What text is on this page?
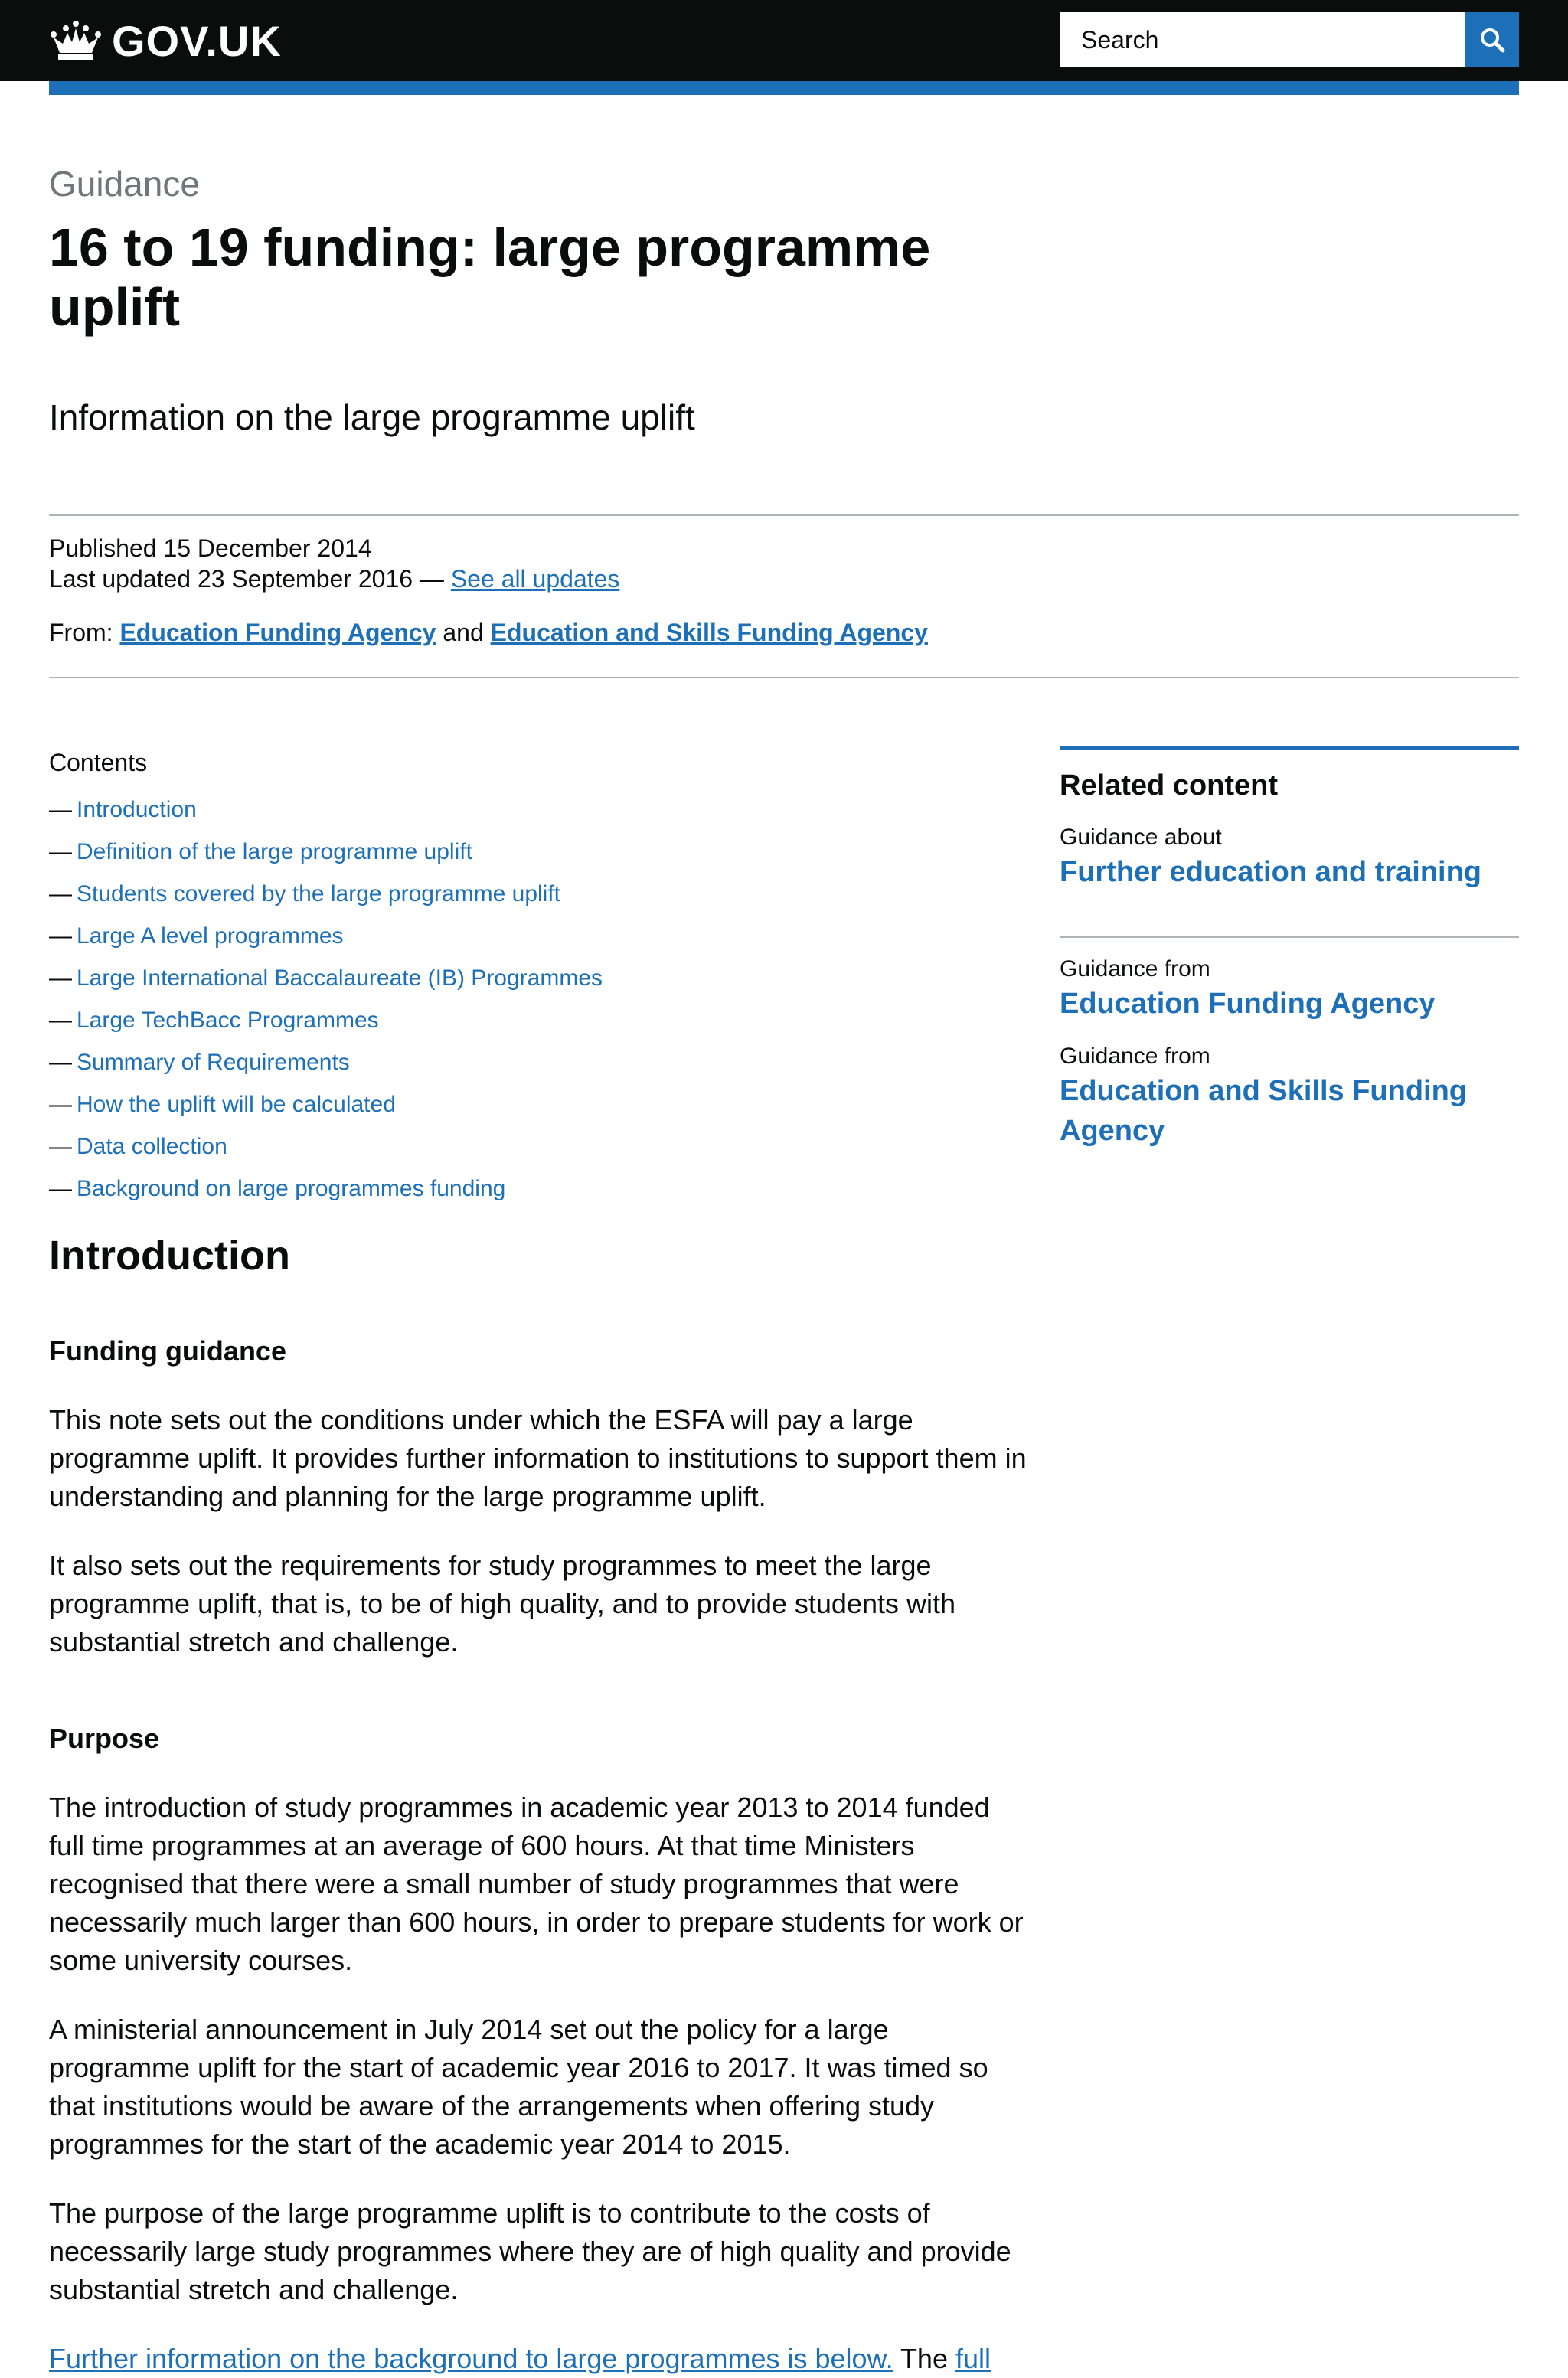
GOV.UK
Search
Guidance
16 to 19 funding: large programme uplift

Information on the large programme uplift

Published 15 December 2014
Last updated 23 September 2016 — See all updates
From: Education Funding Agency and Education and Skills Funding Agency
Contents
— Introduction
— Definition of the large programme uplift
— Students covered by the large programme uplift
— Large A level programmes
— Large International Baccalaureate (IB) Programmes
— Large TechBacc Programmes
— Summary of Requirements
— How the uplift will be calculated
— Data collection
— Background on large programmes funding
Related content
Guidance about
Further education and training
Guidance from
Education Funding Agency
Guidance from
Education and Skills Funding Agency
Introduction
Funding guidance

This note sets out the conditions under which the ESFA will pay a large programme uplift. It provides further information to institutions to support them in understanding and planning for the large programme uplift.

It also sets out the requirements for study programmes to meet the large programme uplift, that is, to be of high quality, and to provide students with substantial stretch and challenge.

Purpose

The introduction of study programmes in academic year 2013 to 2014 funded full time programmes at an average of 600 hours. At that time Ministers recognised that there were a small number of study programmes that were necessarily much larger than 600 hours, in order to prepare students for work or some university courses.

A ministerial announcement in July 2014 set out the policy for a large programme uplift for the start of academic year 2016 to 2017. It was timed so that institutions would be aware of the arrangements when offering study programmes for the start of the academic year 2014 to 2015.

The purpose of the large programme uplift is to contribute to the costs of necessarily large study programmes where they are of high quality and provide substantial stretch and challenge.

Further information on the background to large programmes is below. The full
